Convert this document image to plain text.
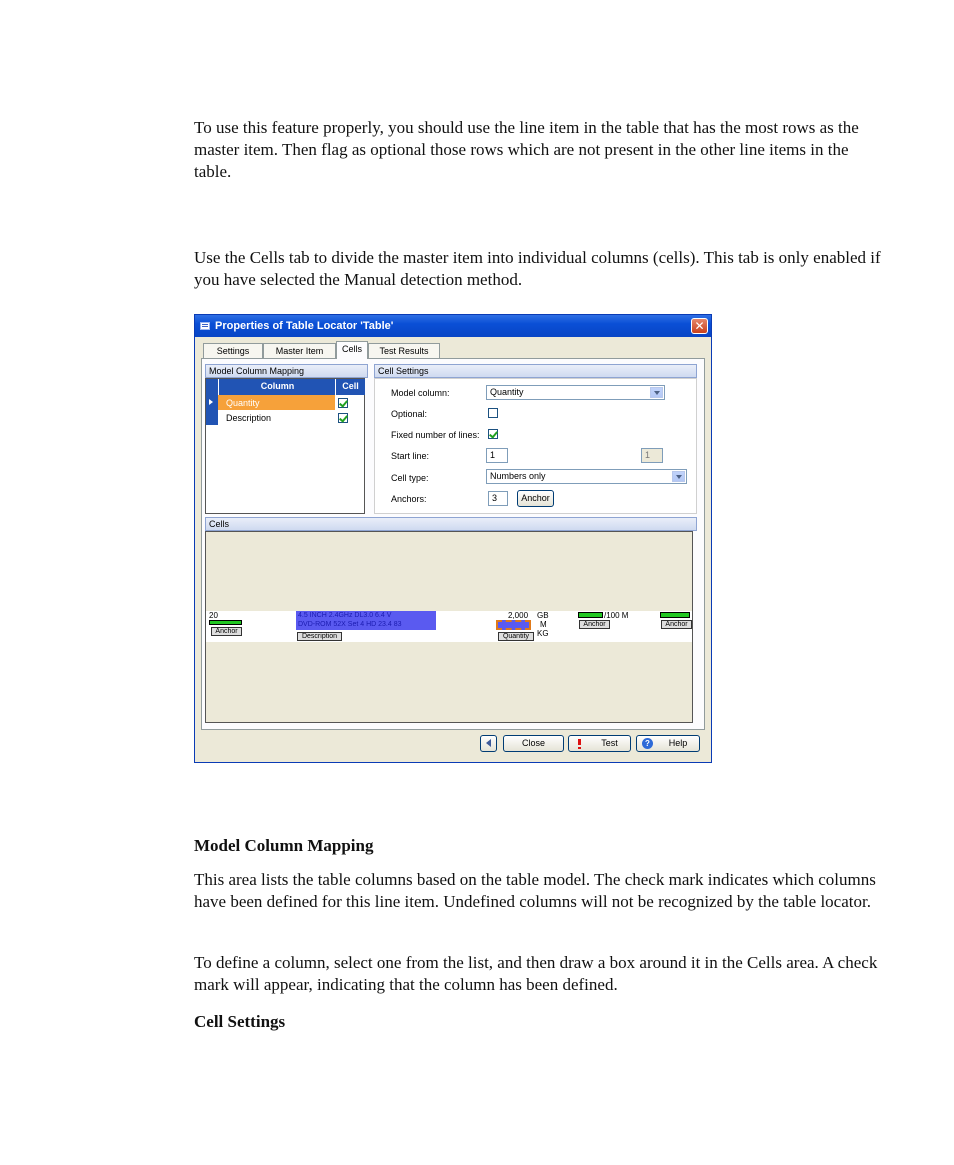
To use this feature properly, you should use the line item in the table that has the most rows as the master item. Then flag as optional those rows which are not present in the other line items in the table.

Use the Cells tab to divide the master item into individual columns (cells). This tab is only enabled if you have selected the Manual detection method.

Properties of Table Locator 'Table'	✕
Settings	Master Item	Cells	Test Results
Model Column Mapping
Column	Cell
Quantity
Description
Cell Settings
Model column:	Quantity
Optional:
Fixed number of lines:
Start line:	1	1
Cell type:	Numbers only
Anchors:	3	Anchor
Cells
20
Anchor
4.5 INCH 2.4GHz DL3.0 6.4 V
DVD-ROM 52X Set 4 HD 23.4 83
Description
2,000 GB
M
KG
Quantity
/100 M
Anchor	Anchor
Close	Test	?	Help
Model Column Mapping

This area lists the table columns based on the table model. The check mark indicates which columns have been defined for this line item. Undefined columns will not be recognized by the table locator.

To define a column, select one from the list, and then draw a box around it in the Cells area. A check mark will appear, indicating that the column has been defined.

Cell Settings
